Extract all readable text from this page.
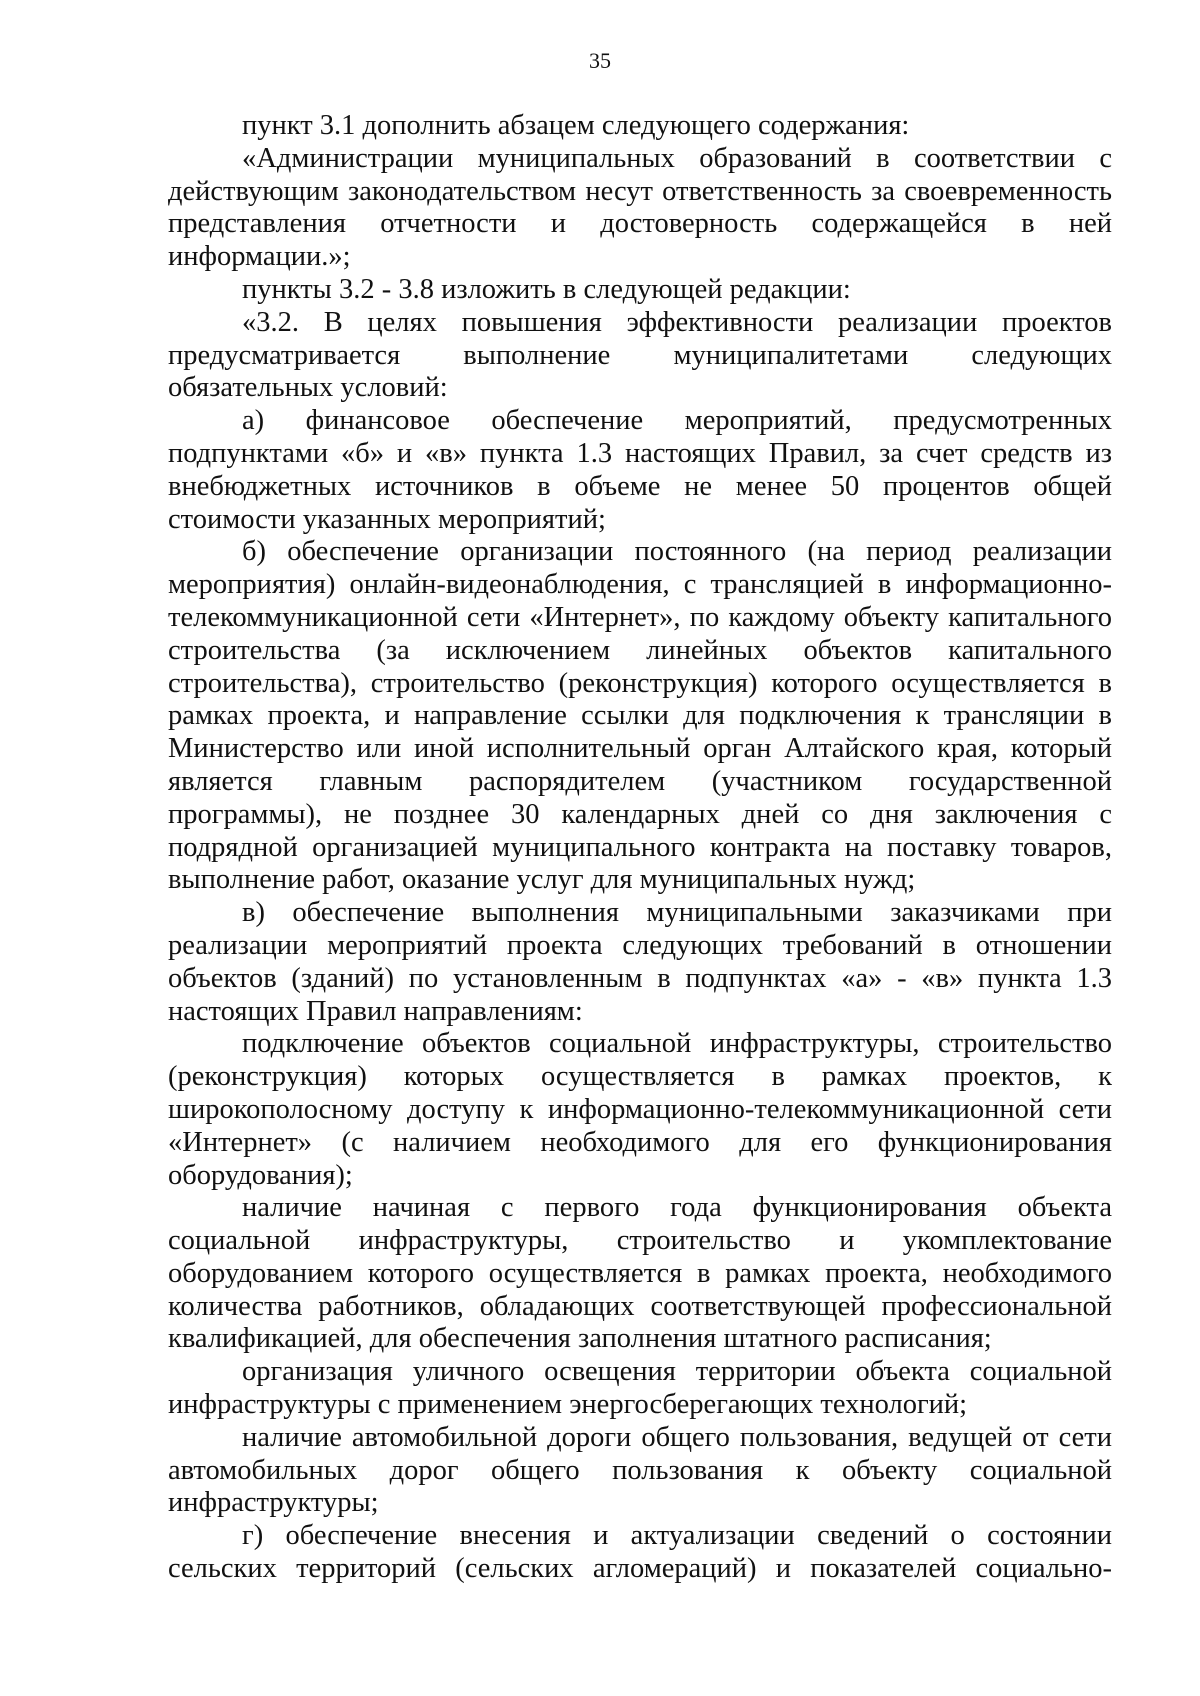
35

пункт 3.1 дополнить абзацем следующего содержания:

«Администрации муниципальных образований в соответствии с действующим законодательством несут ответственность за своевременность представления отчетности и достоверность содержащейся в ней информации.»;

пункты 3.2 - 3.8 изложить в следующей редакции:

«3.2. В целях повышения эффективности реализации проектов предусматривается выполнение муниципалитетами следующих обязательных условий:

а) финансовое обеспечение мероприятий, предусмотренных подпунктами «б» и «в» пункта 1.3 настоящих Правил, за счет средств из внебюджетных источников в объеме не менее 50 процентов общей стоимости указанных мероприятий;

б) обеспечение организации постоянного (на период реализации мероприятия) онлайн-видеонаблюдения, с трансляцией в информационно-телекоммуникационной сети «Интернет», по каждому объекту капитального строительства (за исключением линейных объектов капитального строительства), строительство (реконструкция) которого осуществляется в рамках проекта, и направление ссылки для подключения к трансляции в Министерство или иной исполнительный орган Алтайского края, который является главным распорядителем (участником государственной программы), не позднее 30 календарных дней со дня заключения с подрядной организацией муниципального контракта на поставку товаров, выполнение работ, оказание услуг для муниципальных нужд;

в) обеспечение выполнения муниципальными заказчиками при реализации мероприятий проекта следующих требований в отношении объектов (зданий) по установленным в подпунктах «а» - «в» пункта 1.3 настоящих Правил направлениям:

подключение объектов социальной инфраструктуры, строительство (реконструкция) которых осуществляется в рамках проектов, к широкополосному доступу к информационно-телекоммуникационной сети «Интернет» (с наличием необходимого для его функционирования оборудования);

наличие начиная с первого года функционирования объекта социальной инфраструктуры, строительство и укомплектование оборудованием которого осуществляется в рамках проекта, необходимого количества работников, обладающих соответствующей профессиональной квалификацией, для обеспечения заполнения штатного расписания;

организация уличного освещения территории объекта социальной инфраструктуры с применением энергосберегающих технологий;

наличие автомобильной дороги общего пользования, ведущей от сети автомобильных дорог общего пользования к объекту социальной инфраструктуры;

г) обеспечение внесения и актуализации сведений о состоянии сельских территорий (сельских агломераций) и показателей социально-
